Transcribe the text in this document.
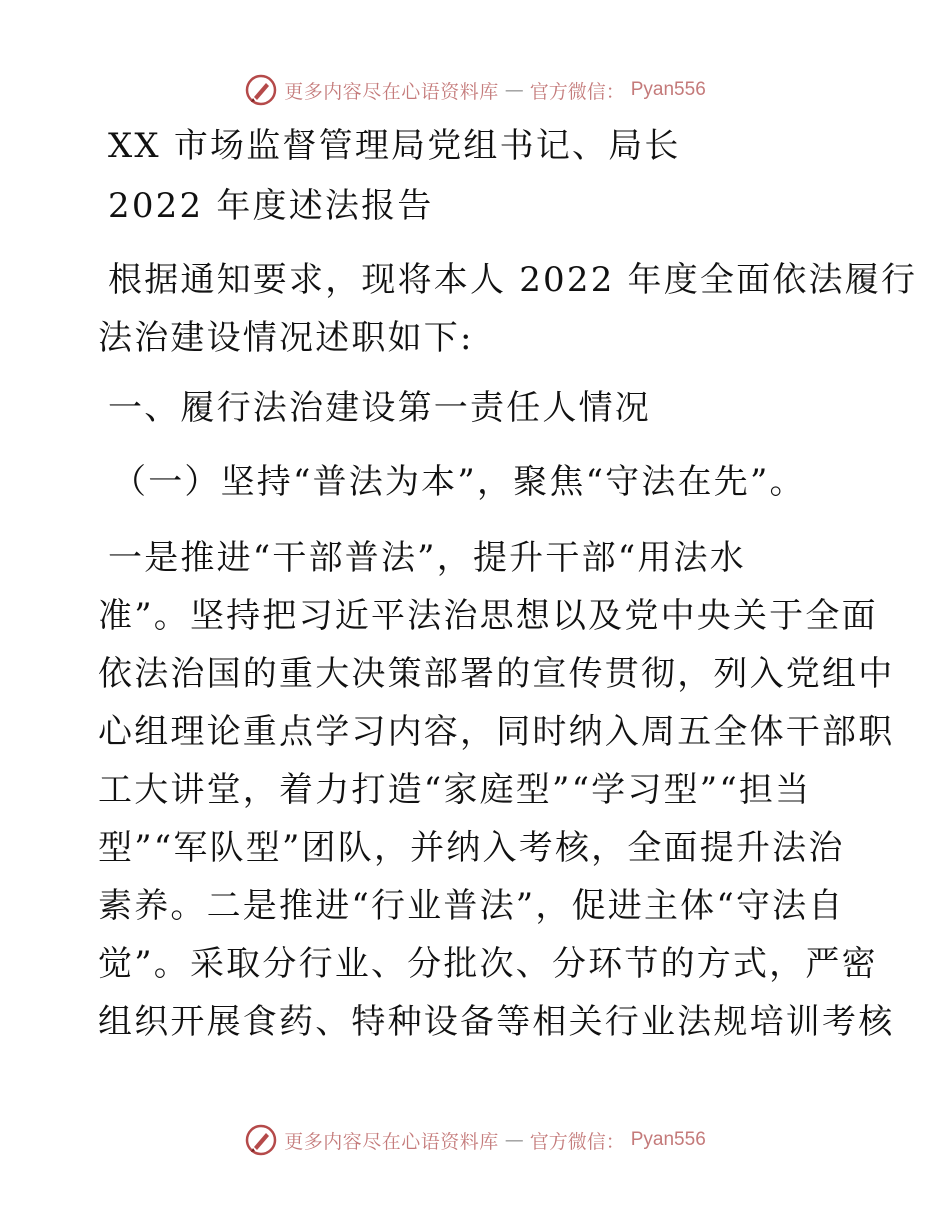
更多内容尽在心语资料库 — 官方微信： Pyan556
XX 市场监督管理局党组书记、局长
2022 年度述法报告
根据通知要求，现将本人 2022 年度全面依法履行
法治建设情况述职如下:
一、履行法治建设第一责任人情况
（一）坚持“普法为本”，聚焦“守法在先”。
一是推进“干部普法”，提升干部“用法水
准”。坚持把习近平法治思想以及党中央关于全面
依法治国的重大决策部署的宣传贯彻，列入党组中
心组理论重点学习内容，同时纳入周五全体干部职
工大讲堂，着力打造“家庭型”“学习型”“担当
型”“军队型”团队，并纳入考核，全面提升法治
素养。二是推进“行业普法”，促进主体“守法自
觉”。采取分行业、分批次、分环节的方式，严密
组织开展食药、特种设备等相关行业法规培训考核
更多内容尽在心语资料库 — 官方微信： Pyan556
